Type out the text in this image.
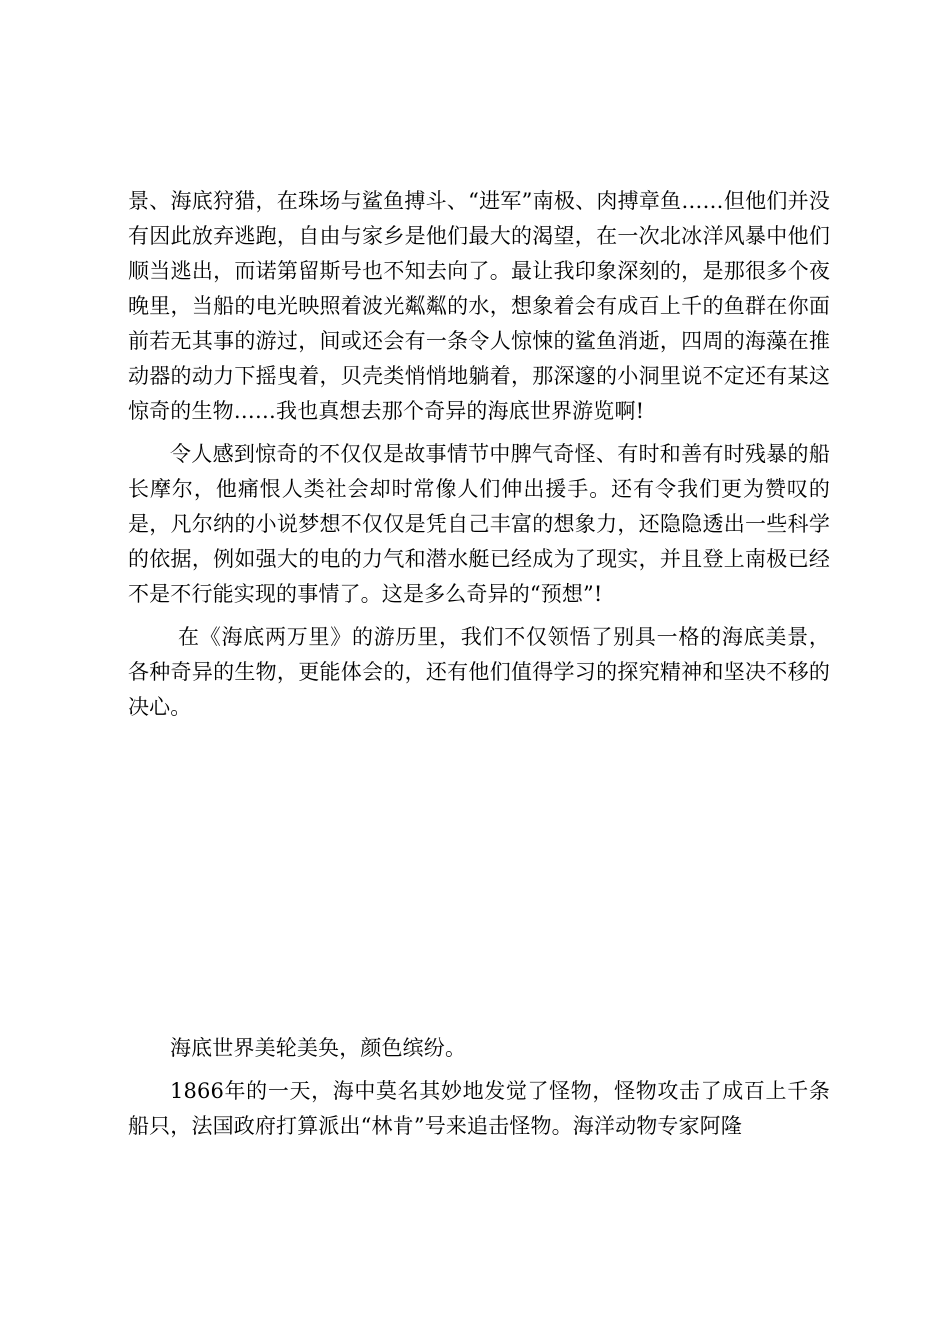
景、海底狩猎，在珠场与鲨鱼搏斗、“进军”南极、肉搏章鱼……但他们并没有因此放弃逃跑，自由与家乡是他们最大的渴望，在一次北冰洋风暴中他们顺当逃出，而诺第留斯号也不知去向了。最让我印象深刻的，是那很多个夜晚里，当船的电光映照着波光粼粼的水，想象着会有成百上千的鱼群在你面前若无其事的游过，间或还会有一条令人惊悚的鲨鱼消逝，四周的海藻在推动器的动力下摇曳着，贝壳类悄悄地躺着，那深邃的小洞里说不定还有某这惊奇的生物……我也真想去那个奇异的海底世界游览啊!

令人感到惊奇的不仅仅是故事情节中脾气奇怪、有时和善有时残暴的船长摩尔，他痛恨人类社会却时常像人们伸出援手。还有令我们更为赞叹的是，凡尔纳的小说梦想不仅仅是凭自己丰富的想象力，还隐隐透出一些科学的依据，例如强大的电的力气和潜水艇已经成为了现实，并且登上南极已经不是不行能实现的事情了。这是多么奇异的“预想”!

在《海底两万里》的游历里，我们不仅领悟了别具一格的海底美景，各种奇异的生物，更能体会的，还有他们值得学习的探究精神和坚决不移的决心。

海底世界美轮美奂，颜色缤纷。

1866年的一天，海中莫名其妙地发觉了怪物，怪物攻击了成百上千条船只，法国政府打算派出“林肯”号来追击怪物。海洋动物专家阿隆
